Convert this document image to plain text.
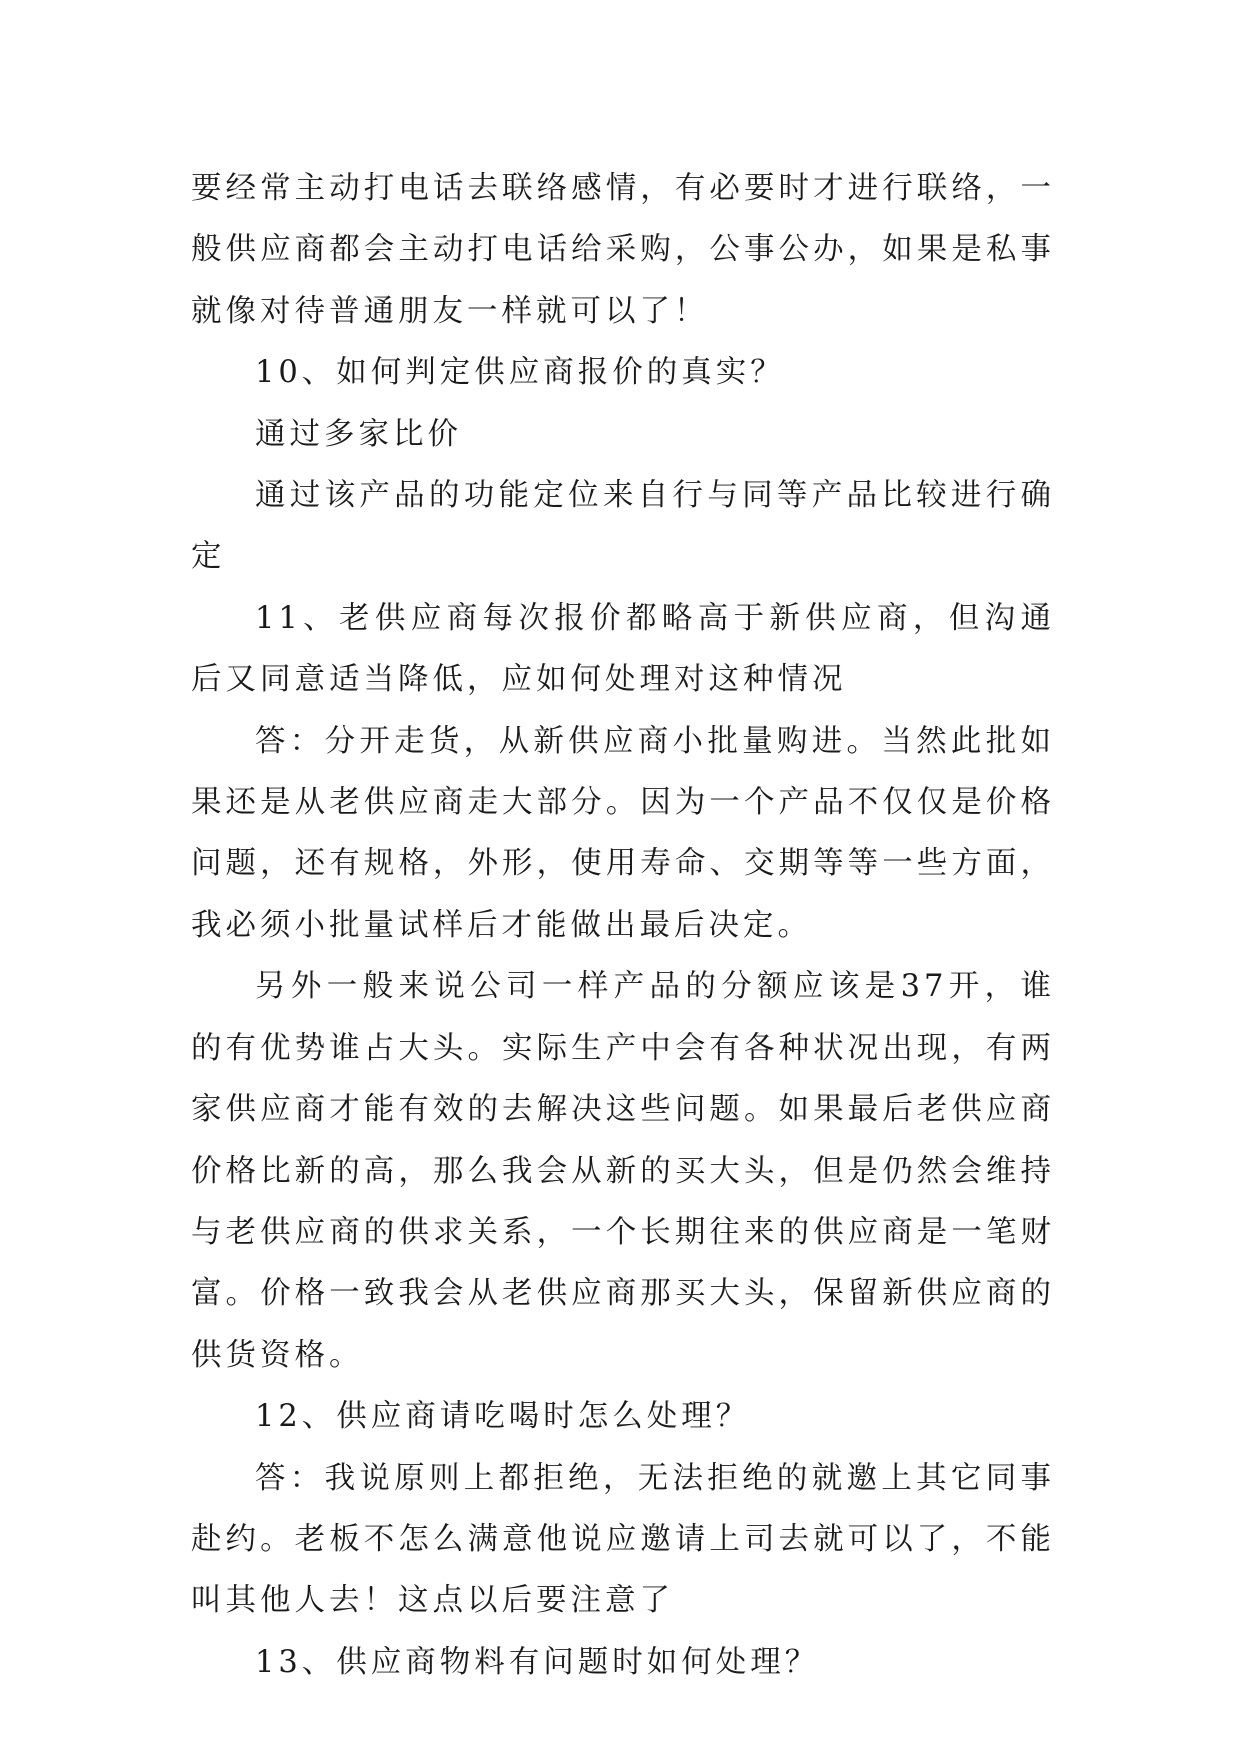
要经常主动打电话去联络感情，有必要时才进行联络，一般供应商都会主动打电话给采购，公事公办，如果是私事就像对待普通朋友一样就可以了！

10、如何判定供应商报价的真实？

通过多家比价

通过该产品的功能定位来自行与同等产品比较进行确定

11、老供应商每次报价都略高于新供应商，但沟通后又同意适当降低，应如何处理对这种情况

答：分开走货，从新供应商小批量购进。当然此批如果还是从老供应商走大部分。因为一个产品不仅仅是价格问题，还有规格，外形，使用寿命、交期等等一些方面，我必须小批量试样后才能做出最后决定。

另外一般来说公司一样产品的分额应该是37开，谁的有优势谁占大头。实际生产中会有各种状况出现，有两家供应商才能有效的去解决这些问题。如果最后老供应商价格比新的高，那么我会从新的买大头，但是仍然会维持与老供应商的供求关系，一个长期往来的供应商是一笔财富。价格一致我会从老供应商那买大头，保留新供应商的供货资格。

12、供应商请吃喝时怎么处理？

答：我说原则上都拒绝，无法拒绝的就邀上其它同事赴约。老板不怎么满意他说应邀请上司去就可以了，不能叫其他人去！这点以后要注意了

13、供应商物料有问题时如何处理？
